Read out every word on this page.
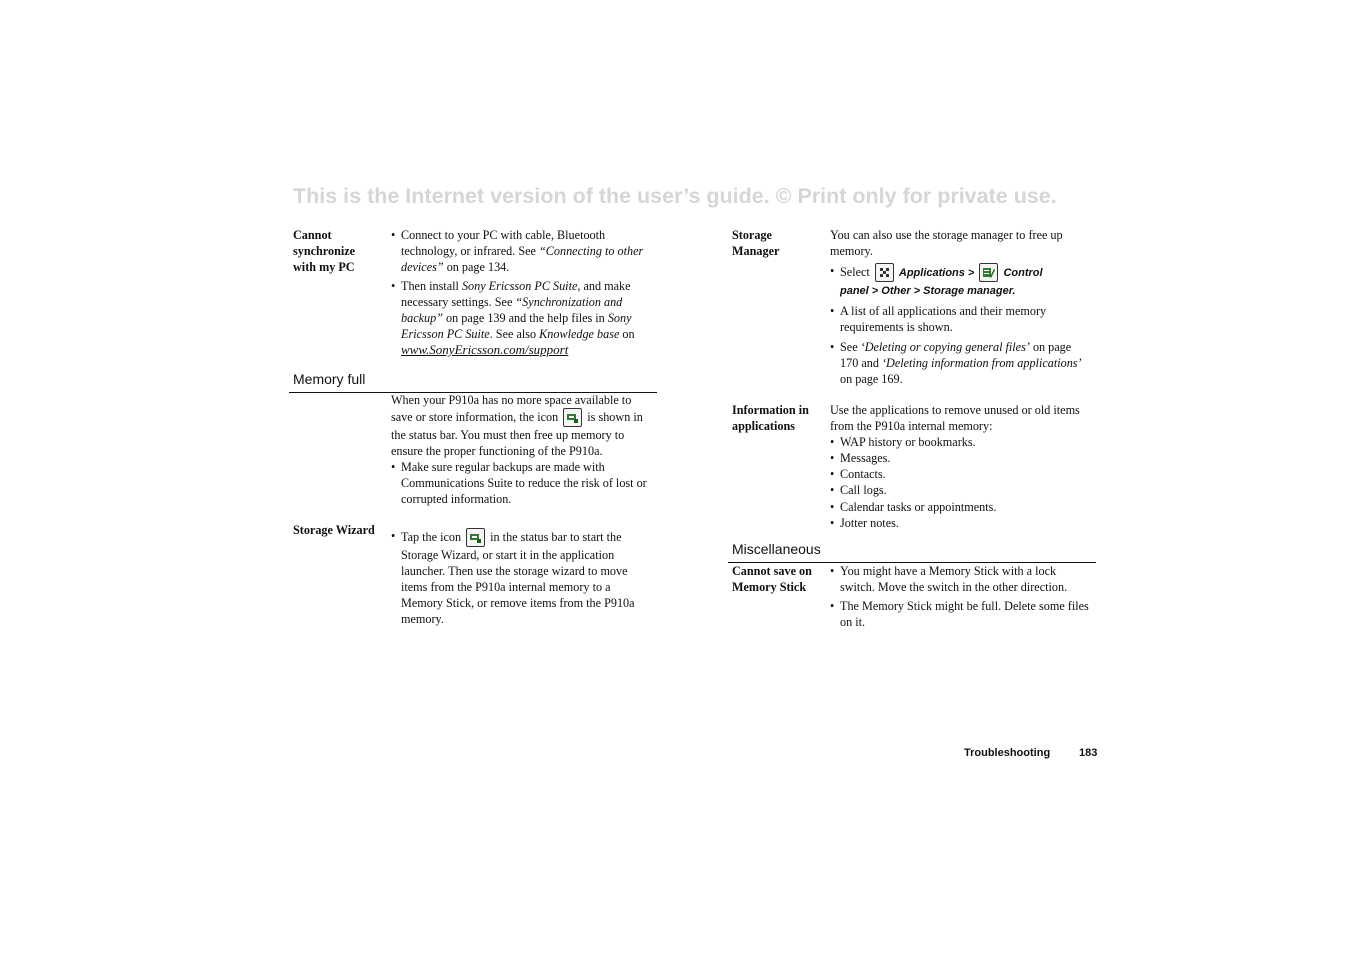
This is the Internet version of the user’s guide. © Print only for private use.
Cannot
synchronize
with my PC
• Connect to your PC with cable, Bluetooth technology, or infrared. See “Connecting to other devices” on page 134.
• Then install Sony Ericsson PC Suite, and make necessary settings. See “Synchronization and backup” on page 139 and the help files in Sony Ericsson PC Suite. See also Knowledge base on
www.SonyEricsson.com/support
Memory full
When your P910a has no more space available to save or store information, the icon  is shown in the status bar. You must then free up memory to ensure the proper functioning of the P910a.
• Make sure regular backups are made with Communications Suite to reduce the risk of lost or corrupted information.
Storage Wizard	• Tap the icon  in the status bar to start the Storage Wizard, or start it in the application launcher. Then use the storage wizard to move items from the P910a internal memory to a Memory Stick, or remove items from the P910a memory.
Storage
Manager
You can also use the storage manager to free up memory.
• Select  Applications >  Control
panel > Other > Storage manager.
• A list of all applications and their memory requirements is shown.
• See ‘Deleting or copying general files’ on page 170 and ‘Deleting information from applications’ on page 169.
Information in
applications
Use the applications to remove unused or old items from the P910a internal memory:
• WAP history or bookmarks.
• Messages.
• Contacts.
• Call logs.
• Calendar tasks or appointments.
• Jotter notes.
Miscellaneous
Cannot save on
Memory Stick
• You might have a Memory Stick with a lock switch. Move the switch in the other direction.
• The Memory Stick might be full. Delete some files on it.
Troubleshooting	183
